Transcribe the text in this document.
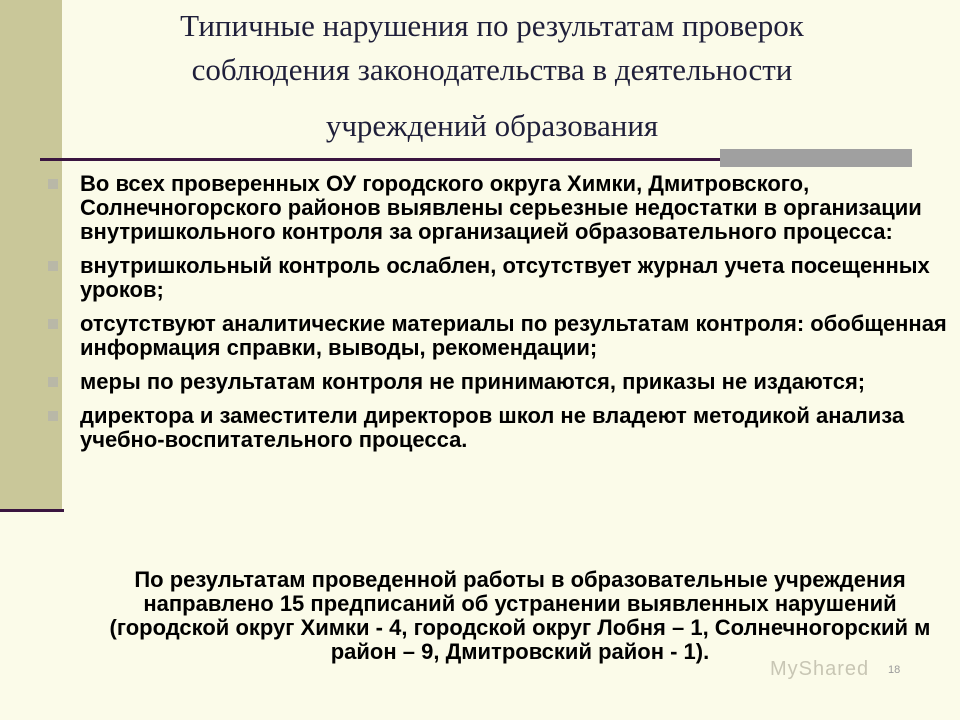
Типичные нарушения по результатам проверок
соблюдения законодательства в деятельности
учреждений образования
Во всех проверенных ОУ городского округа Химки, Дмитровского, Солнечногорского районов выявлены серьезные недостатки в организации внутришкольного контроля за организацией образовательного процесса:
внутришкольный контроль ослаблен, отсутствует журнал учета посещенных уроков;
отсутствуют аналитические материалы по результатам контроля: обобщенная информация справки, выводы, рекомендации;
меры по результатам контроля не принимаются, приказы не издаются;
директора и заместители директоров школ не владеют методикой анализа учебно-воспитательного процесса.
По результатам проведенной работы в образовательные учреждения направлено 15 предписаний об устранении выявленных нарушений (городской округ Химки - 4, городской округ Лобня – 1, Солнечногорский м район – 9, Дмитровский район - 1).
MyShared 18
